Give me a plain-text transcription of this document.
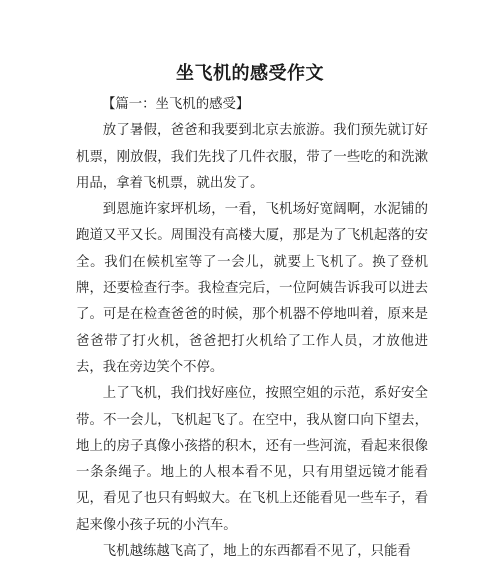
坐飞机的感受作文

【篇一：坐飞机的感受】

放了暑假，爸爸和我要到北京去旅游。我们预先就订好机票，刚放假，我们先找了几件衣服，带了一些吃的和洗漱用品，拿着飞机票，就出发了。

到恩施许家坪机场，一看，飞机场好宽阔啊，水泥铺的跑道又平又长。周围没有高楼大厦，那是为了飞机起落的安全。我们在候机室等了一会儿，就要上飞机了。换了登机牌，还要检查行李。我检查完后，一位阿姨告诉我可以进去了。可是在检查爸爸的时候，那个机器不停地叫着，原来是爸爸带了打火机，爸爸把打火机给了工作人员，才放他进去，我在旁边笑个不停。

上了飞机，我们找好座位，按照空姐的示范，系好安全带。不一会儿，飞机起飞了。在空中，我从窗口向下望去，地上的房子真像小孩搭的积木，还有一些河流，看起来很像一条条绳子。地上的人根本看不见，只有用望远镜才能看见，看见了也只有蚂蚁大。在飞机上还能看见一些车子，看起来像小孩子玩的小汽车。

飞机越练越飞高了，地上的东西都看不见了，只能看
